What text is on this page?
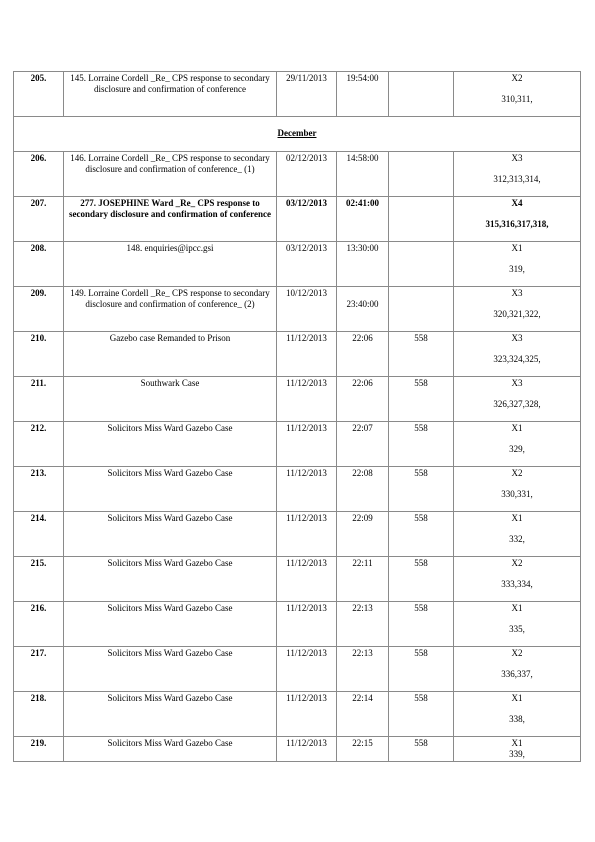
205.	145. Lorraine Cordell _Re_ CPS response to secondary disclosure and confirmation of conference	29/11/2013	19:54:00		X2
310,311,

December					
206.	146. Lorraine Cordell _Re_ CPS response to secondary disclosure and confirmation of conference_ (1)	02/12/2013	14:58:00		X3
312,313,314,

207.	277. JOSEPHINE Ward _Re_ CPS response to secondary disclosure and confirmation of conference	03/12/2013	02:41:00		X4
315,316,317,318,

208.	148. enquiries@ipcc.gsi	03/12/2013	13:30:00		X1
319,

209.	149. Lorraine Cordell _Re_ CPS response to secondary disclosure and confirmation of conference_ (2)	10/12/2013	23:40:00		X3
320,321,322,

210.	Gazebo case Remanded to Prison	11/12/2013	22:06	558	X3
323,324,325,

211.	Southwark Case	11/12/2013	22:06	558	X3
326,327,328,

212.	Solicitors Miss Ward Gazebo Case	11/12/2013	22:07	558	X1
329,

213.	Solicitors Miss Ward Gazebo Case	11/12/2013	22:08	558	X2
330,331,

214.	Solicitors Miss Ward Gazebo Case	11/12/2013	22:09	558	X1
332,

215.	Solicitors Miss Ward Gazebo Case	11/12/2013	22:11	558	X2
333,334,

216.	Solicitors Miss Ward Gazebo Case	11/12/2013	22:13	558	X1
335,

217.	Solicitors Miss Ward Gazebo Case	11/12/2013	22:13	558	X2
336,337,

218.	Solicitors Miss Ward Gazebo Case	11/12/2013	22:14	558	X1
338,

219.	Solicitors Miss Ward Gazebo Case	11/12/2013	22:15	558	X1
339,
